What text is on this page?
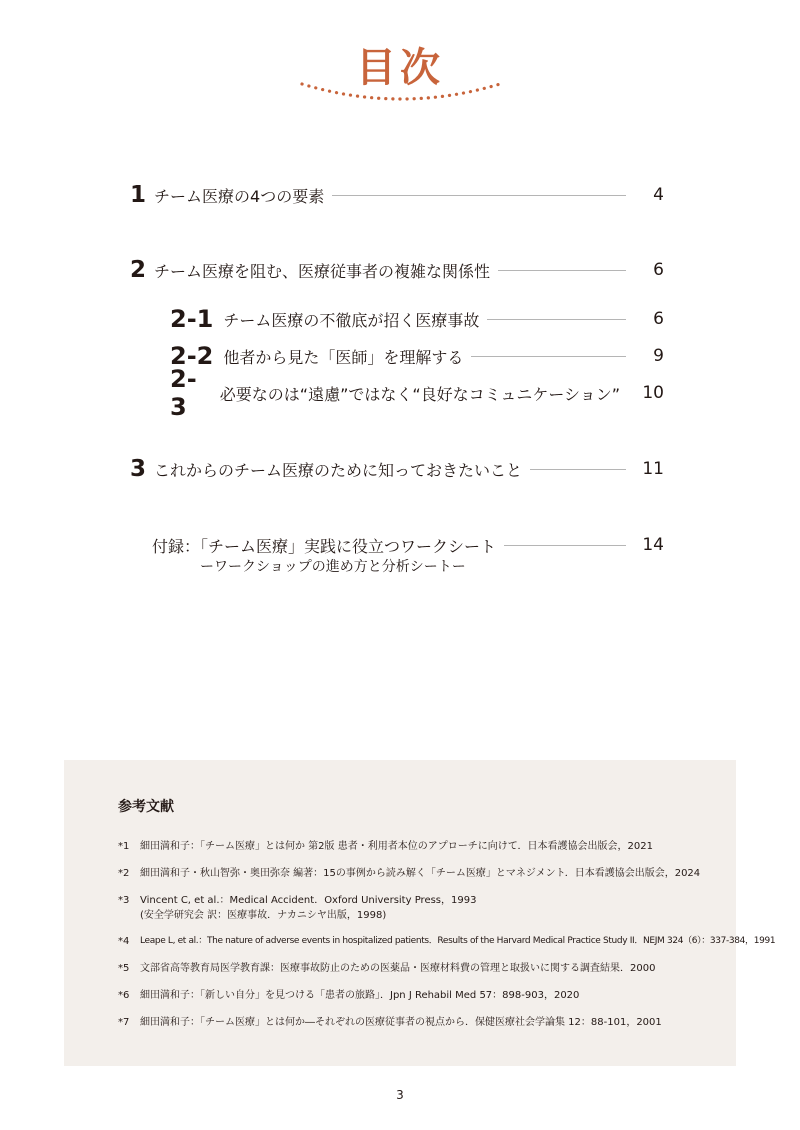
目次
1 チーム医療の4つの要素	4
2 チーム医療を阻む、医療従事者の複雑な関係性	6
2-1 チーム医療の不徹底が招く医療事故	6
2-2 他者から見た「医師」を理解する	9
2-3	必要なのは“遠慮”ではなく“良好なコミュニケーション” 10
3 これからのチーム医療のために知っておきたいこと	11
付録：「チーム医療」実践に役立つワークシート	14
ーワークショップの進め方と分析シートー
参考文献
*1	細田満和子：「チーム医療」とは何か 第2版 患者・利用者本位のアプローチに向けて．日本看護協会出版会，2021
*2	細田満和子・秋山智弥・奥田弥奈 編著：15の事例から読み解く「チーム医療」とマネジメント．日本看護協会出版会，2024
*3	Vincent C, et al.：Medical Accident．Oxford University Press，1993
(安全学研究会 訳：医療事故．ナカニシヤ出版，1998)
*4	Leape L, et al.：The nature of adverse events in hospitalized patients．Results of the Harvard Medical Practice Study II．NEJM 324（6）：337-384，1991
*5	文部省高等教育局医学教育課：医療事故防止のための医薬品・医療材料費の管理と取扱いに関する調査結果．2000
*6	細田満和子：「新しい自分」を見つける「患者の旅路」．Jpn J Rehabil Med 57：898-903，2020
*7	細田満和子：「チーム医療」とは何か―それぞれの医療従事者の視点から．保健医療社会学論集 12：88-101，2001
3
